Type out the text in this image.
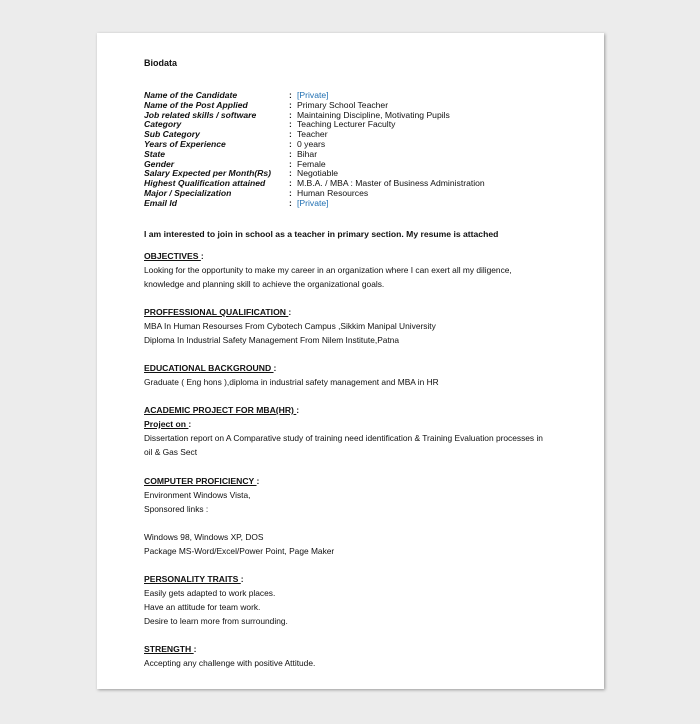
Biodata
Name of the Candidate	:	[Private]
Name of the Post Applied	:	Primary School Teacher
Job related skills / software	:	Maintaining Discipline, Motivating Pupils
Category	:	Teaching Lecturer Faculty
Sub Category	:	Teacher
Years of Experience	:	0 years
State	:	Bihar
Gender	:	Female
Salary Expected per Month(Rs)	:	Negotiable
Highest Qualification attained	:	M.B.A. / MBA : Master of Business Administration
Major / Specialization	:	Human Resources
Email Id	:	[Private]
I am interested to join in school as a teacher in primary section. My resume is attached
OBJECTIVES :
Looking for the opportunity to make my career in an organization where I can exert all my diligence,
knowledge and planning skill to achieve the organizational goals.
PROFFESSIONAL QUALIFICATION :
MBA In Human Resourses From Cybotech Campus ,Sikkim Manipal University
Diploma In Industrial Safety Management From Nilem Institute,Patna
EDUCATIONAL BACKGROUND :
Graduate ( Eng hons ),diploma in industrial safety management and MBA in HR
ACADEMIC PROJECT FOR MBA(HR) :
Project on :
Dissertation report on A Comparative study of training need identification & Training Evaluation processes in
oil & Gas Sect
COMPUTER PROFICIENCY :
Environment Windows Vista,
Sponsored links :
Windows 98, Windows XP, DOS
Package MS-Word/Excel/Power Point, Page Maker
PERSONALITY TRAITS :
Easily gets adapted to work places.
Have an attitude for team work.
Desire to learn more from surrounding.
STRENGTH :
Accepting any challenge with positive Attitude.
